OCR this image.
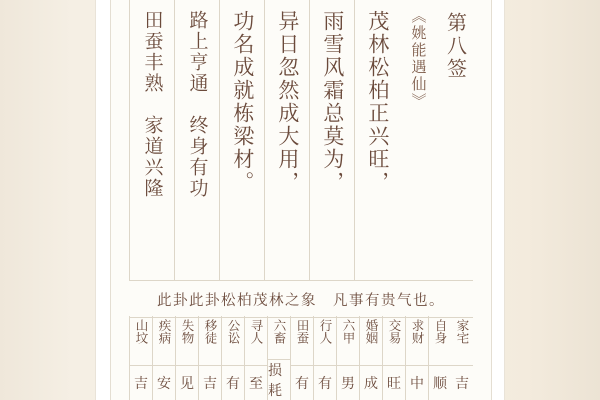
第八签
《姚能遇仙》
茂林松柏正兴旺，
雨雪风霜总莫为，
异日忽然成大用，
功名成就栋梁材。
路上亨通　终身有功
田蚕丰熟　家道兴隆
此卦此卦松柏茂林之象 凡事有贵气也。
家宅
吉
自身
顺
求财
中
交易
旺
婚姻
成
六甲
男
行人
有
田蚕
有
六畜
损耗
寻人
至
公讼
有
移徒
吉
失物
见
疾病
安
山坟
吉
